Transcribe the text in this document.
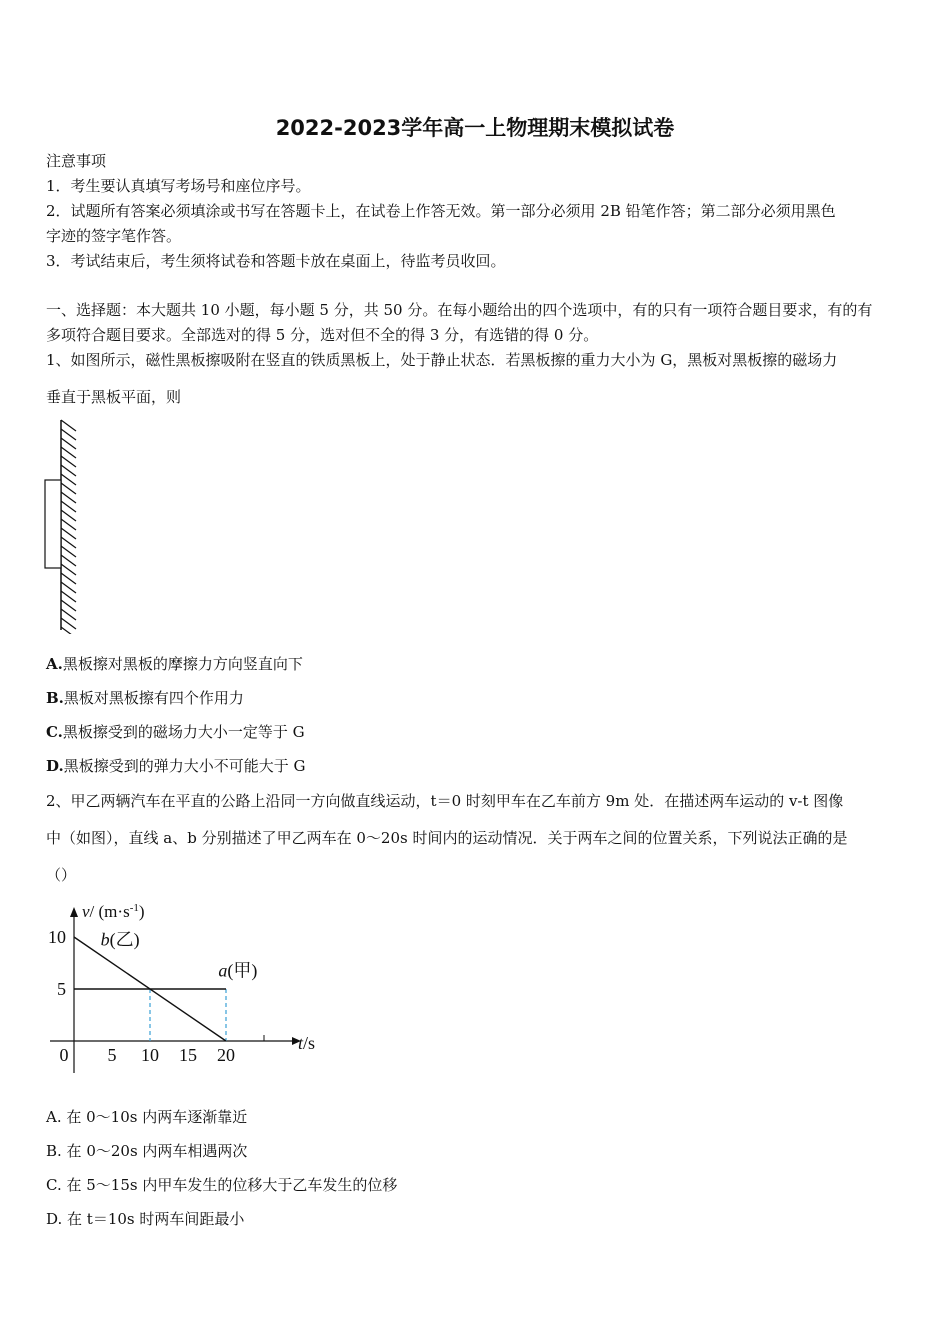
2022-2023学年高一上物理期末模拟试卷
注意事项
1．考生要认真填写考场号和座位序号。
2．试题所有答案必须填涂或书写在答题卡上，在试卷上作答无效。第一部分必须用 2B 铅笔作答；第二部分必须用黑色
字迹的签字笔作答。
3．考试结束后，考生须将试卷和答题卡放在桌面上，待监考员收回。
一、选择题：本大题共 10 小题，每小题 5 分，共 50 分。在每小题给出的四个选项中，有的只有一项符合题目要求，有的有
多项符合题目要求。全部选对的得 5 分，选对但不全的得 3 分，有选错的得 0 分。
1、如图所示，磁性黑板擦吸附在竖直的铁质黑板上，处于静止状态．若黑板擦的重力大小为 G，黑板对黑板擦的磁场力
垂直于黑板平面，则
A.黑板擦对黑板的摩擦力方向竖直向下
B.黑板对黑板擦有四个作用力
C.黑板擦受到的磁场力大小一定等于 G
D.黑板擦受到的弹力大小不可能大于 G
2、甲乙两辆汽车在平直的公路上沿同一方向做直线运动，t＝0 时刻甲车在乙车前方 9m 处．在描述两车运动的 v-t 图像
中（如图），直线 a、b 分别描述了甲乙两车在 0～20s 时间内的运动情况．关于两车之间的位置关系，下列说法正确的是
（）
0 5 10 15 20
5
10
v/ $(m\cdot s^{-1})$
t/s
b(乙)
a(甲)
A. 在 0～10s 内两车逐渐靠近
B. 在 0～20s 内两车相遇两次
C. 在 5～15s 内甲车发生的位移大于乙车发生的位移
D. 在 t＝10s 时两车间距最小
